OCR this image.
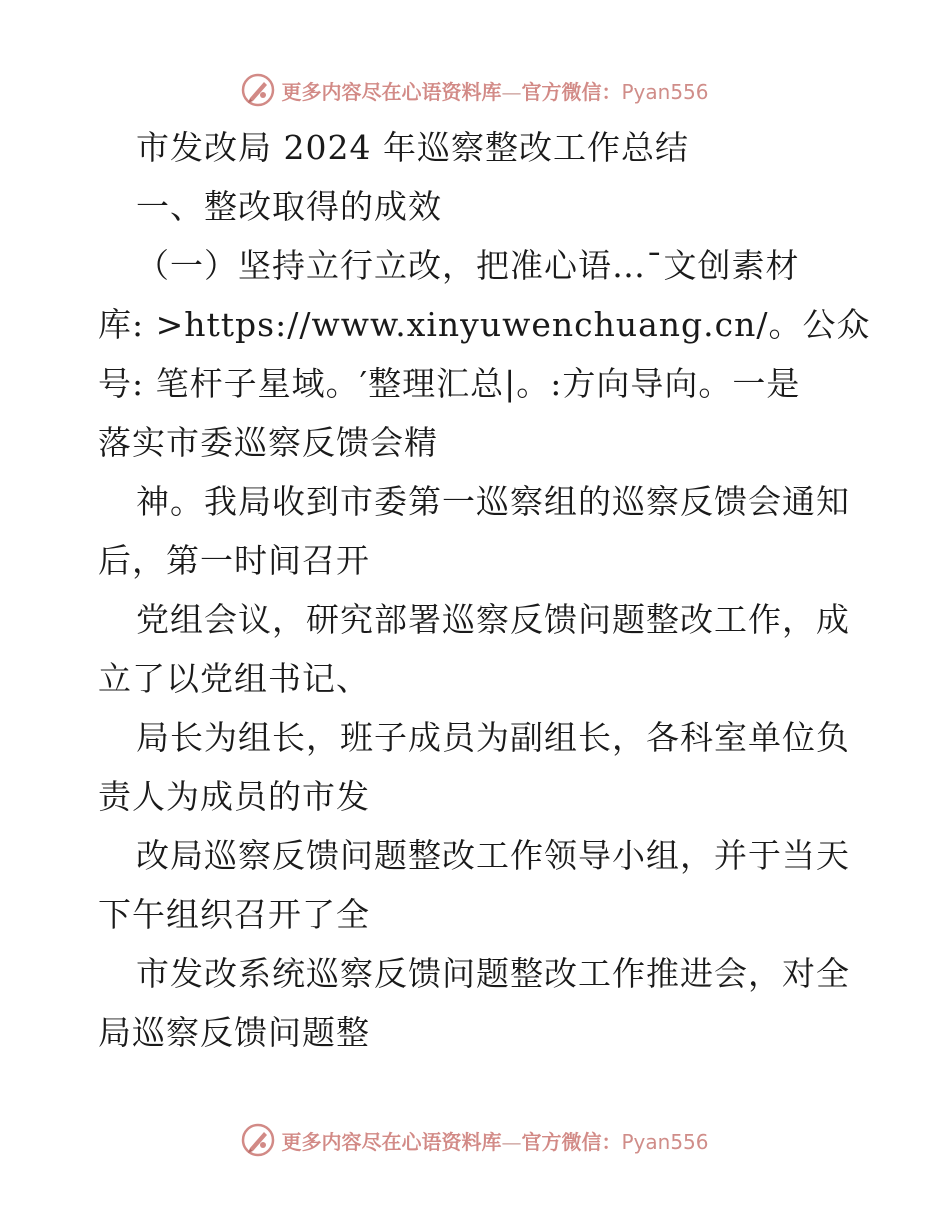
更多内容尽在心语资料库—官方微信：Pyan556
市发改局 2024 年巡察整改工作总结
一、整改取得的成效
（一）坚持立行立改，把准心语…¯文创素材
库: >https://www.xinyuwenchuang.cn/。公众
号: 笔杆子星域。′整理汇总|。:方向导向。一是
落实市委巡察反馈会精
神。我局收到市委第一巡察组的巡察反馈会通知
后，第一时间召开
党组会议，研究部署巡察反馈问题整改工作，成
立了以党组书记、
局长为组长，班子成员为副组长，各科室单位负
责人为成员的市发
改局巡察反馈问题整改工作领导小组，并于当天
下午组织召开了全
市发改系统巡察反馈问题整改工作推进会，对全
局巡察反馈问题整
更多内容尽在心语资料库—官方微信：Pyan556
